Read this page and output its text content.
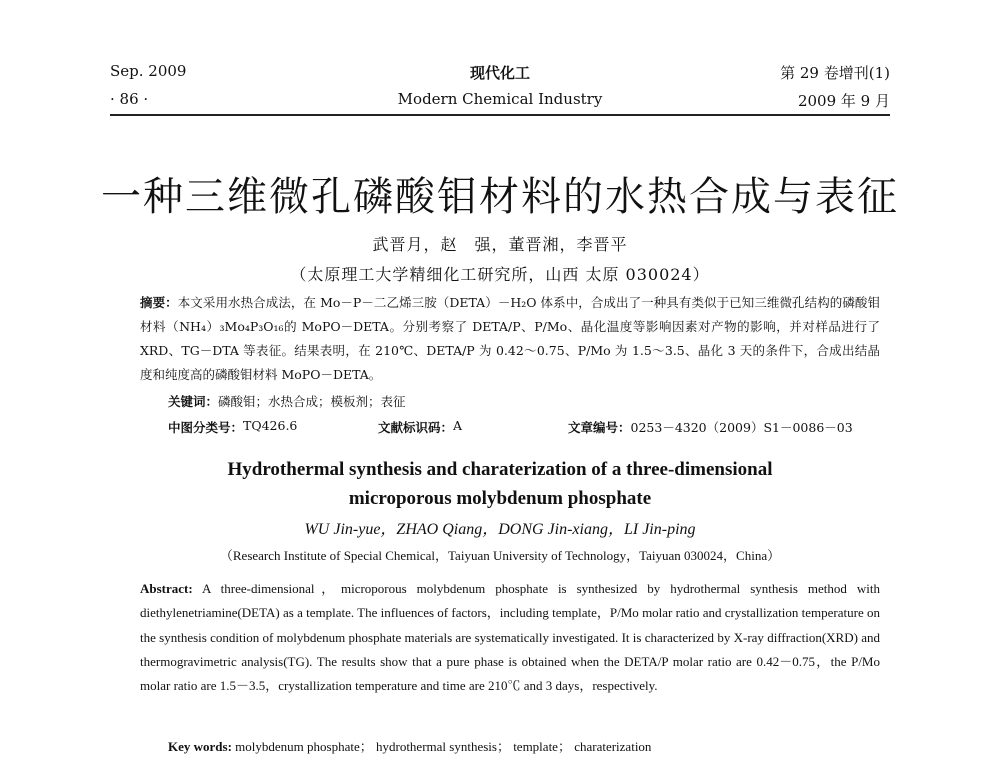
Sep. 2009	现代化工	第 29 卷增刊(1)
· 86 ·	Modern Chemical Industry	2009 年 9 月
一种三维微孔磷酸钼材料的水热合成与表征
武晋月，赵　强，董晋湘，李晋平
（太原理工大学精细化工研究所，山西 太原 030024）
摘要：本文采用水热合成法，在 Mo－P－二乙烯三胺（DETA）－H₂O 体系中，合成出了一种具有类似于已知三维微孔结构的磷酸钼材料（NH₄）₃Mo₄P₃O₁₆的 MoPO－DETA。分别考察了 DETA/P、P/Mo、晶化温度等影响因素对产物的影响，并对样品进行了 XRD、TG－DTA 等表征。结果表明，在 210℃、DETA/P 为 0.42～0.75、P/Mo 为 1.5～3.5、晶化 3 天的条件下，合成出结晶度和纯度高的磷酸钼材料 MoPO－DETA。
关键词：磷酸钼；水热合成；模板剂；表征
中图分类号： TQ426.6	文献标识码： A	文章编号： 0253－4320（2009）S1－0086－03
Hydrothermal synthesis and charaterization of a three-dimensional
microporous molybdenum phosphate
WU Jin-yue，ZHAO Qiang，DONG Jin-xiang，LI Jin-ping
（Research Institute of Special Chemical，Taiyuan University of Technology，Taiyuan 030024，China）
Abstract: A three-dimensional，microporous molybdenum phosphate is synthesized by hydrothermal synthesis method with diethylenetriamine(DETA) as a template. The influences of factors，including template，P/Mo molar ratio and crystallization temperature on the synthesis condition of molybdenum phosphate materials are systematically investigated. It is characterized by X-ray diffraction(XRD) and thermogravimetric analysis(TG). The results show that a pure phase is obtained when the DETA/P molar ratio are 0.42－0.75，the P/Mo molar ratio are 1.5－3.5，crystallization temperature and time are 210℃ and 3 days，respectively.
Key words: molybdenum phosphate； hydrothermal synthesis； template； charaterization
